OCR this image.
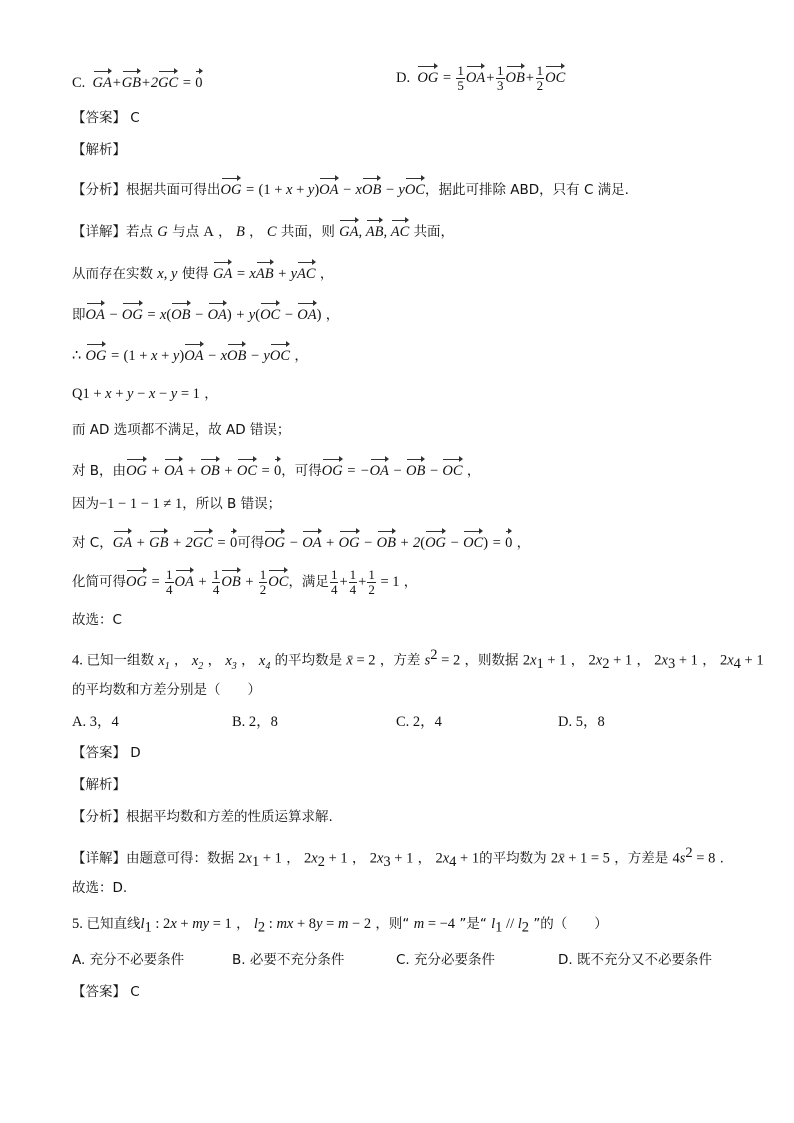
C.  GA+GB+2GC = 0	D.  OG = $\frac{1}{5} OA+ \frac{1}{3} OB+ \frac{1}{2}$ OC
【答案】 C
【解析】
【分析】根据共面可得出OG = (1 + x + y)OA − xOB − yOC，据此可排除 ABD，只有 C 满足.
【详解】若点 G 与点 A ， B ， C 共面，则 GA, AB, AC 共面，
从而存在实数 x, y 使得 GA = xAB + yAC ，
即OA − OG = x(OB − OA) + y(OC − OA) ，
∴ OG = (1 + x + y)OA − xOB − yOC ，
Q1 + x + y − x − y = 1 ，
而 AD 选项都不满足，故 AD 错误；
对 B，由OG + OA + OB + OC = 0，可得OG = −OA − OB − OC ，
因为−1 − 1 − 1 ≠ 1，所以 B 错误；
对 C，GA + GB + 2GC = 0可得OG − OA + OG − OB + 2(OG − OC) = 0 ，
化简可得OG = $\frac{1}{4}$ OA + $\frac{1}{4}$ OB + $\frac{1}{2}$ OC，满足 $\frac{1}{4} + \frac{1}{4} + \frac{1}{2} = 1$ ，
故选：C
4. 已知一组数 $x_1$ ， $x_2$ ， $x_3$ ， $x_4$ 的平均数是 x̄ = 2 ，方差 $s^2 = 2$ ，则数据 $2x_1 + 1$ ， $2x_2 + 1$ ， $2x_3 + 1$ ， $2x_4 + 1$
的平均数和方差分别是（　　）
A. 3，4	B. 2，8	C. 2，4	D. 5，8
【答案】 D
【解析】
【分析】根据平均数和方差的性质运算求解.
【详解】由题意可得：数据 $2x_1 + 1$ ， $2x_2 + 1$ ， $2x_3 + 1$ ， $2x_4 + 1$的平均数为 2x̄ + 1 = 5 ，方差是 $4s^2 = 8$ .
故选：D.
5. 已知直线$l_1$ : 2x + my = 1 ， $l_2$ : mx + 8y = m − 2 ，则“ m = −4 ”是“ $l_1 // l_2$ ”的（　　）
A. 充分不必要条件	B. 必要不充分条件	C. 充分必要条件	D. 既不充分又不必要条件
【答案】 C
